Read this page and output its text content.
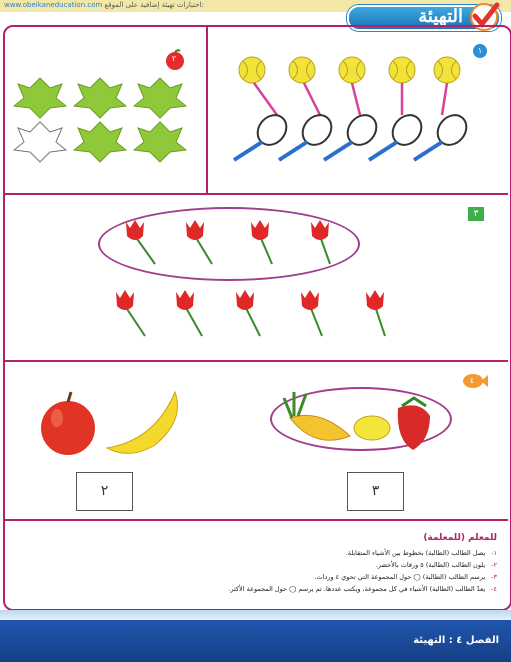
www.obeikaneducation.com اختبارات تهيئة إضافية على الموقع:
التهيئة
١
٢
٣
٤
٣
٢
للمعلم (للمعلمة)
١-يصل الطالب (الطالبة) بخطوط بين الأشياء المتقابلة.
٢-يلون الطالب (الطالبة) ٥ ورقات بالأخضر.
٣-يرسم الطالب (الطالبة) ◯ حول المجموعة التي تحوي ٤ وردات.
٤-يعدّ الطالب (الطالبة) الأشياء في كل مجموعة، ويكتب عددها، ثم يرسم ◯ حول المجموعة الأكثر.
الفصل ٤ : التهيئة
